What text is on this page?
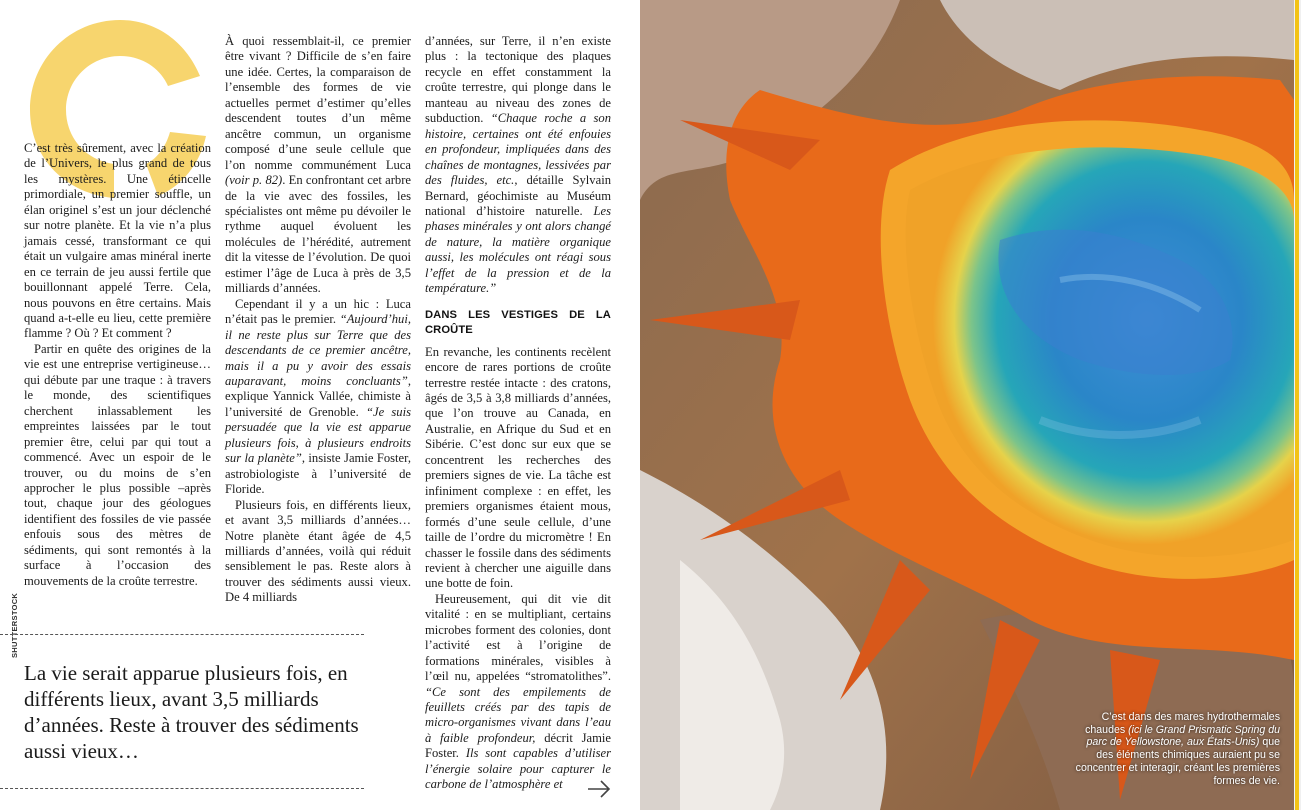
C’est très sûrement, avec la création de l’Univers, le plus grand de tous les mystères. Une étincelle primordiale, un premier souffle, un élan originel s’est un jour déclenché sur notre planète. Et la vie n’a plus jamais cessé, transformant ce qui était un vulgaire amas minéral inerte en ce terrain de jeu aussi fertile que bouillonnant appelé Terre. Cela, nous pouvons en être certains. Mais quand a-t-elle eu lieu, cette première flamme ? Où ? Et comment ?

Partir en quête des origines de la vie est une entreprise vertigineuse… qui débute par une traque : à travers le monde, des scientifiques cherchent inlassablement les empreintes laissées par le tout premier être, celui par qui tout a commencé. Avec un espoir de le trouver, ou du moins de s’en approcher le plus possible –après tout, chaque jour des géologues identifient des fossiles de vie passée enfouis sous des mètres de sédiments, qui sont remontés à la surface à l’occasion des mouvements de la croûte terrestre.

À quoi ressemblait-il, ce premier être vivant ? Difficile de s’en faire une idée. Certes, la comparaison de l’ensemble des formes de vie actuelles permet d’estimer qu’elles descendent toutes d’un même ancêtre commun, un organisme composé d’une seule cellule que l’on nomme communément Luca (voir p. 82). En confrontant cet arbre de la vie avec des fossiles, les spécialistes ont même pu dévoiler le rythme auquel évoluent les molécules de l’hérédité, autrement dit la vitesse de l’évolution. De quoi estimer l’âge de Luca à près de 3,5 milliards d’années.

Cependant il y a un hic : Luca n’était pas le premier. “Aujourd’hui, il ne reste plus sur Terre que des descendants de ce premier ancêtre, mais il a pu y avoir des essais auparavant, moins concluants”, explique Yannick Vallée, chimiste à l’université de Grenoble. “Je suis persuadée que la vie est apparue plusieurs fois, à plusieurs endroits sur la planète”, insiste Jamie Foster, astrobiologiste à l’université de Floride.

Plusieurs fois, en différents lieux, et avant 3,5 milliards d’années… Notre planète étant âgée de 4,5 milliards d’années, voilà qui réduit sensiblement le pas. Reste alors à trouver des sédiments aussi vieux. De 4 milliards

d’années, sur Terre, il n’en existe plus : la tectonique des plaques recycle en effet constamment la croûte terrestre, qui plonge dans le manteau au niveau des zones de subduction. “Chaque roche a son histoire, certaines ont été enfouies en profondeur, impliquées dans des chaînes de montagnes, lessivées par des fluides, etc., détaille Sylvain Bernard, géochimiste au Muséum national d’histoire naturelle. Les phases minérales y ont alors changé de nature, la matière organique aussi, les molécules ont réagi sous l’effet de la pression et de la température.”

DANS LES VESTIGES DE LA CROÛTE

En revanche, les continents recèlent encore de rares portions de croûte terrestre restée intacte : des cratons, âgés de 3,5 à 3,8 milliards d’années, que l’on trouve au Canada, en Australie, en Afrique du Sud et en Sibérie. C’est donc sur eux que se concentrent les recherches des premiers signes de vie. La tâche est infiniment complexe : en effet, les premiers organismes étaient mous, formés d’une seule cellule, d’une taille de l’ordre du micromètre ! En chasser le fossile dans des sédiments revient à chercher une aiguille dans une botte de foin.

Heureusement, qui dit vie dit vitalité : en se multipliant, certains microbes forment des colonies, dont l’activité est à l’origine de formations minérales, visibles à l’œil nu, appelées “stromatolithes”. “Ce sont des empilements de feuillets créés par des tapis de micro-organismes vivant dans l’eau à faible profondeur, décrit Jamie Foster. Ils sont capables d’utiliser l’énergie solaire pour capturer le carbone de l’atmosphère et

SHUTTERSTOCK
La vie serait apparue plusieurs fois, en différents lieux, avant 3,5 milliards d’années. Reste à trouver des sédiments aussi vieux…
C’est dans des mares hydrothermales chaudes (ici le Grand Prismatic Spring du parc de Yellowstone, aux États-Unis) que des éléments chimiques auraient pu se concentrer et interagir, créant les premières formes de vie.
